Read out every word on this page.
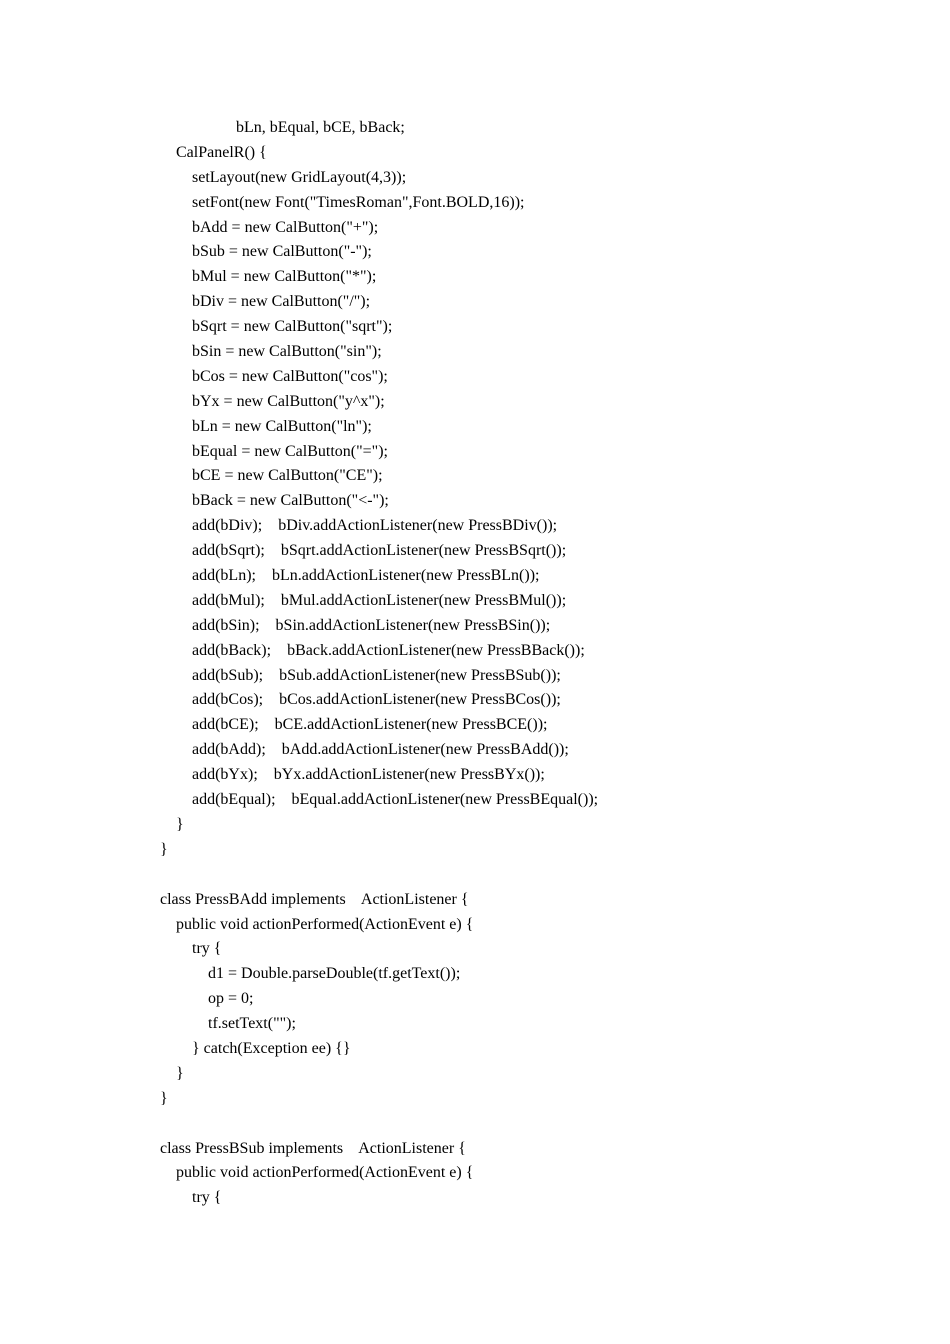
bLn, bEqual, bCE, bBack;
CalPanelR() {
setLayout(new GridLayout(4,3));
setFont(new Font("TimesRoman",Font.BOLD,16));
bAdd = new CalButton("+");
bSub = new CalButton("-");
bMul = new CalButton("*");
bDiv = new CalButton("/");
bSqrt = new CalButton("sqrt");
bSin = new CalButton("sin");
bCos = new CalButton("cos");
bYx = new CalButton("y^x");
bLn = new CalButton("ln");
bEqual = new CalButton("=");
bCE = new CalButton("CE");
bBack = new CalButton("<-");
add(bDiv);    bDiv.addActionListener(new PressBDiv());
add(bSqrt);    bSqrt.addActionListener(new PressBSqrt());
add(bLn);    bLn.addActionListener(new PressBLn());
add(bMul);    bMul.addActionListener(new PressBMul());
add(bSin);    bSin.addActionListener(new PressBSin());
add(bBack);    bBack.addActionListener(new PressBBack());
add(bSub);    bSub.addActionListener(new PressBSub());
add(bCos);    bCos.addActionListener(new PressBCos());
add(bCE);    bCE.addActionListener(new PressBCE());
add(bAdd);    bAdd.addActionListener(new PressBAdd());
add(bYx);    bYx.addActionListener(new PressBYx());
add(bEqual);    bEqual.addActionListener(new PressBEqual());
}
}
class PressBAdd implements    ActionListener {
public void actionPerformed(ActionEvent e) {
try {
d1 = Double.parseDouble(tf.getText());
op = 0;
tf.setText("");
} catch(Exception ee) {}
}
}
class PressBSub implements    ActionListener {
public void actionPerformed(ActionEvent e) {
try {
